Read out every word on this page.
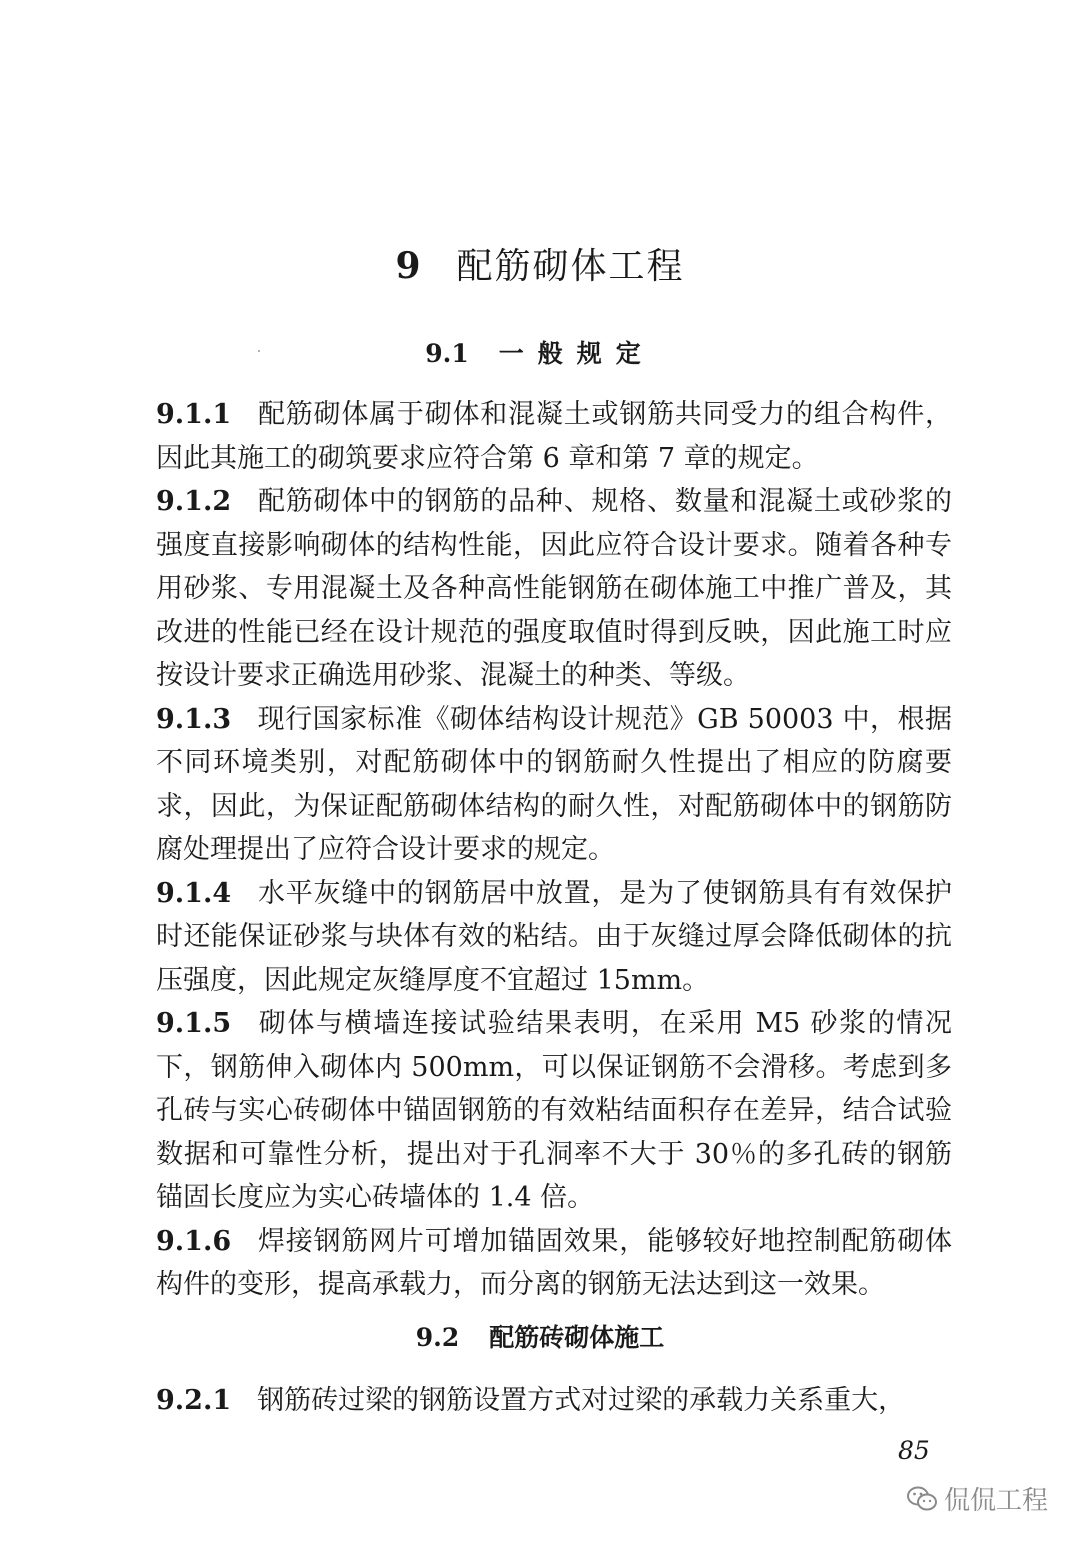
9 配筋砌体工程
9.1 一般规定

9.1.1 配筋砌体属于砌体和混凝土或钢筋共同受力的组合构件，因此其施工的砌筑要求应符合第 6 章和第 7 章的规定。

9.1.2 配筋砌体中的钢筋的品种、规格、数量和混凝土或砂浆的强度直接影响砌体的结构性能，因此应符合设计要求。随着各种专用砂浆、专用混凝土及各种高性能钢筋在砌体施工中推广普及，其改进的性能已经在设计规范的强度取值时得到反映，因此施工时应按设计要求正确选用砂浆、混凝土的种类、等级。

9.1.3 现行国家标准《砌体结构设计规范》GB 50003 中，根据不同环境类别，对配筋砌体中的钢筋耐久性提出了相应的防腐要求，因此，为保证配筋砌体结构的耐久性，对配筋砌体中的钢筋防腐处理提出了应符合设计要求的规定。

9.1.4 水平灰缝中的钢筋居中放置，是为了使钢筋具有有效保护时还能保证砂浆与块体有效的粘结。由于灰缝过厚会降低砌体的抗压强度，因此规定灰缝厚度不宜超过 15mm。

9.1.5 砌体与横墙连接试验结果表明，在采用 M5 砂浆的情况下，钢筋伸入砌体内 500mm，可以保证钢筋不会滑移。考虑到多孔砖与实心砖砌体中锚固钢筋的有效粘结面积存在差异，结合试验数据和可靠性分析，提出对于孔洞率不大于 30％的多孔砖的钢筋锚固长度应为实心砖墙体的 1.4 倍。

9.1.6 焊接钢筋网片可增加锚固效果，能够较好地控制配筋砌体构件的变形，提高承载力，而分离的钢筋无法达到这一效果。

9.2 配筋砖砌体施工

9.2.1 钢筋砖过梁的钢筋设置方式对过梁的承载力关系重大，

85
侃侃工程
